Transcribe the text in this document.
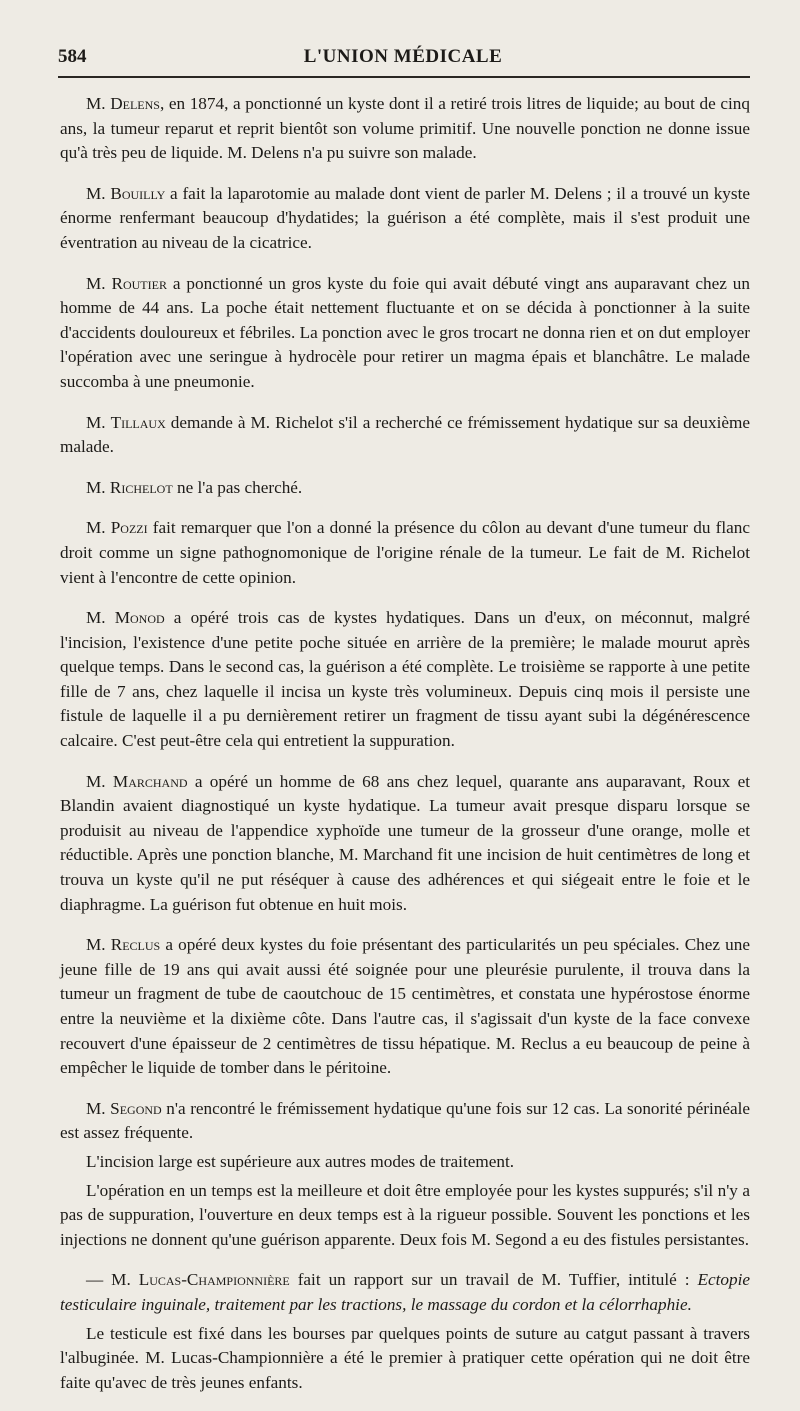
584	L'UNION MÉDICALE

M. Delens, en 1874, a ponctionné un kyste dont il a retiré trois litres de liquide; au bout de cinq ans, la tumeur reparut et reprit bientôt son volume primitif. Une nouvelle ponction ne donne issue qu'à très peu de liquide. M. Delens n'a pu suivre son malade.

M. Bouilly a fait la laparotomie au malade dont vient de parler M. Delens ; il a trouvé un kyste énorme renfermant beaucoup d'hydatides; la guérison a été complète, mais il s'est produit une éventration au niveau de la cicatrice.

M. Routier a ponctionné un gros kyste du foie qui avait débuté vingt ans auparavant chez un homme de 44 ans. La poche était nettement fluctuante et on se décida à ponctionner à la suite d'accidents douloureux et fébriles. La ponction avec le gros trocart ne donna rien et on dut employer l'opération avec une seringue à hydrocèle pour retirer un magma épais et blanchâtre. Le malade succomba à une pneumonie.

M. Tillaux demande à M. Richelot s'il a recherché ce frémissement hydatique sur sa deuxième malade.

M. Richelot ne l'a pas cherché.

M. Pozzi fait remarquer que l'on a donné la présence du côlon au devant d'une tumeur du flanc droit comme un signe pathognomonique de l'origine rénale de la tumeur. Le fait de M. Richelot vient à l'encontre de cette opinion.

M. Monod a opéré trois cas de kystes hydatiques. Dans un d'eux, on méconnut, malgré l'incision, l'existence d'une petite poche située en arrière de la première; le malade mourut après quelque temps. Dans le second cas, la guérison a été complète. Le troisième se rapporte à une petite fille de 7 ans, chez laquelle il incisa un kyste très volumineux. Depuis cinq mois il persiste une fistule de laquelle il a pu dernièrement retirer un fragment de tissu ayant subi la dégénérescence calcaire. C'est peut-être cela qui entretient la suppuration.

M. Marchand a opéré un homme de 68 ans chez lequel, quarante ans auparavant, Roux et Blandin avaient diagnostiqué un kyste hydatique. La tumeur avait presque disparu lorsque se produisit au niveau de l'appendice xyphoïde une tumeur de la grosseur d'une orange, molle et réductible. Après une ponction blanche, M. Marchand fit une incision de huit centimètres de long et trouva un kyste qu'il ne put réséquer à cause des adhérences et qui siégeait entre le foie et le diaphragme. La guérison fut obtenue en huit mois.

M. Reclus a opéré deux kystes du foie présentant des particularités un peu spéciales. Chez une jeune fille de 19 ans qui avait aussi été soignée pour une pleurésie purulente, il trouva dans la tumeur un fragment de tube de caoutchouc de 15 centimètres, et constata une hypérostose énorme entre la neuvième et la dixième côte. Dans l'autre cas, il s'agissait d'un kyste de la face convexe recouvert d'une épaisseur de 2 centimètres de tissu hépatique. M. Reclus a eu beaucoup de peine à empêcher le liquide de tomber dans le péritoine.

M. Segond n'a rencontré le frémissement hydatique qu'une fois sur 12 cas. La sonorité périnéale est assez fréquente.

L'incision large est supérieure aux autres modes de traitement.

L'opération en un temps est la meilleure et doit être employée pour les kystes suppurés; s'il n'y a pas de suppuration, l'ouverture en deux temps est à la rigueur possible. Souvent les ponctions et les injections ne donnent qu'une guérison apparente. Deux fois M. Segond a eu des fistules persistantes.

— M. Lucas-Championnière fait un rapport sur un travail de M. Tuffier, intitulé : Ectopie testiculaire inguinale, traitement par les tractions, le massage du cordon et la célorrhaphie.

Le testicule est fixé dans les bourses par quelques points de suture au catgut passant à travers l'albuginée. M. Lucas-Championnière a été le premier à pratiquer cette opération qui ne doit être faite qu'avec de très jeunes enfants.
